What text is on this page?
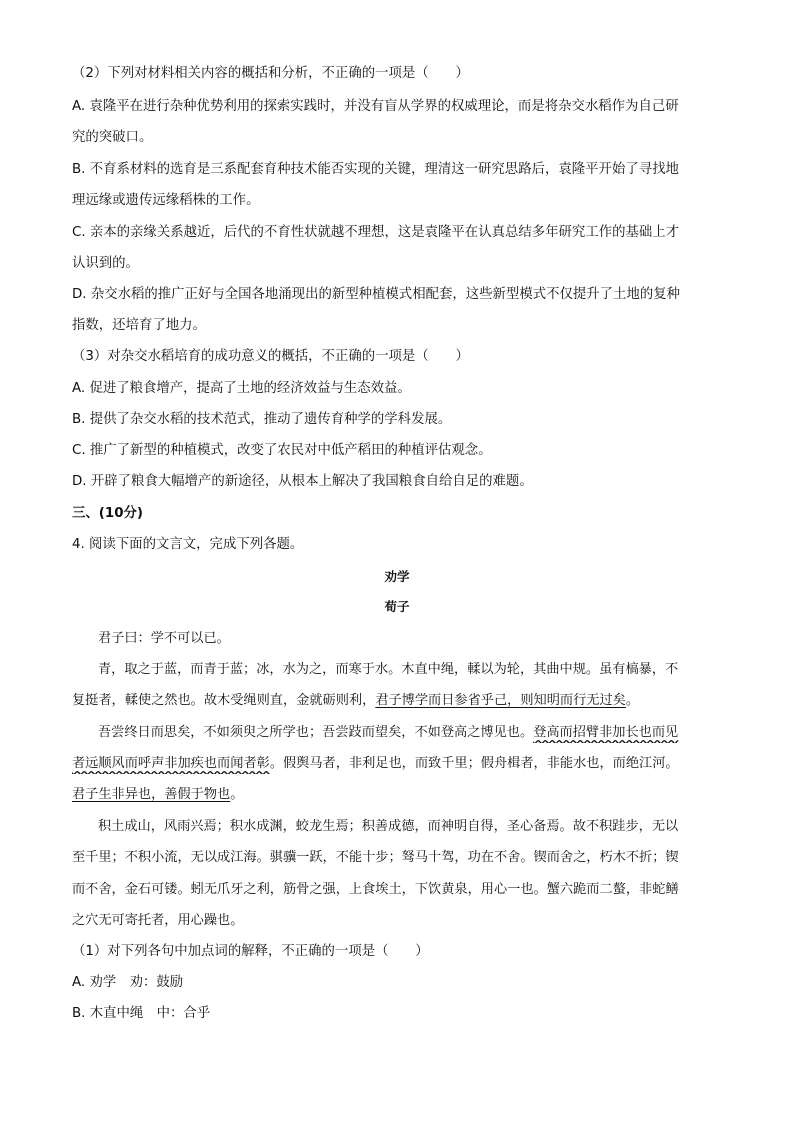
（2）下列对材料相关内容的概括和分析，不正确的一项是（　　）
A. 袁隆平在进行杂种优势利用的探索实践时，并没有盲从学界的权威理论，而是将杂交水稻作为自己研
究的突破口。
B. 不育系材料的选育是三系配套育种技术能否实现的关键，理清这一研究思路后，袁隆平开始了寻找地
理远缘或遗传远缘稻株的工作。
C. 亲本的亲缘关系越近，后代的不育性状就越不理想，这是袁隆平在认真总结多年研究工作的基础上才
认识到的。
D. 杂交水稻的推广正好与全国各地涌现出的新型种植模式相配套，这些新型模式不仅提升了土地的复种
指数，还培育了地力。
（3）对杂交水稻培育的成功意义的概括，不正确的一项是（　　）
A. 促进了粮食增产，提高了土地的经济效益与生态效益。
B. 提供了杂交水稻的技术范式，推动了遗传育种学的学科发展。
C. 推广了新型的种植模式，改变了农民对中低产稻田的种植评估观念。
D. 开辟了粮食大幅增产的新途径，从根本上解决了我国粮食自给自足的难题。
三、(10分)
4. 阅读下面的文言文，完成下列各题。
劝学
荀子
君子曰：学不可以已。
青，取之于蓝，而青于蓝；冰，水为之，而寒于水。木直中绳，輮以为轮，其曲中规。虽有槁暴，不
复挺者，輮使之然也。故木受绳则直，金就砺则利，君子博学而日参省乎己，则知明而行无过矣。
吾尝终日而思矣，不如须臾之所学也；吾尝跂而望矣，不如登高之博见也。登高而招臂非加长也而见
者远顺风而呼声非加疾也而闻者彰。假舆马者，非利足也，而致千里；假舟楫者，非能水也，而绝江河。
君子生非异也，善假于物也。
积土成山，风雨兴焉；积水成渊，蛟龙生焉；积善成德，而神明自得，圣心备焉。故不积跬步，无以
至千里；不积小流，无以成江海。骐骥一跃，不能十步；驽马十驾，功在不舍。锲而舍之，朽木不折；锲
而不舍，金石可镂。蚓无爪牙之利，筋骨之强，上食埃土，下饮黄泉，用心一也。蟹六跪而二螯，非蛇鳝
之穴无可寄托者，用心躁也。
（1）对下列各句中加点词的解释，不正确的一项是（　　）
A. 劝学　劝：鼓励
B. 木直中绳　中：合乎
